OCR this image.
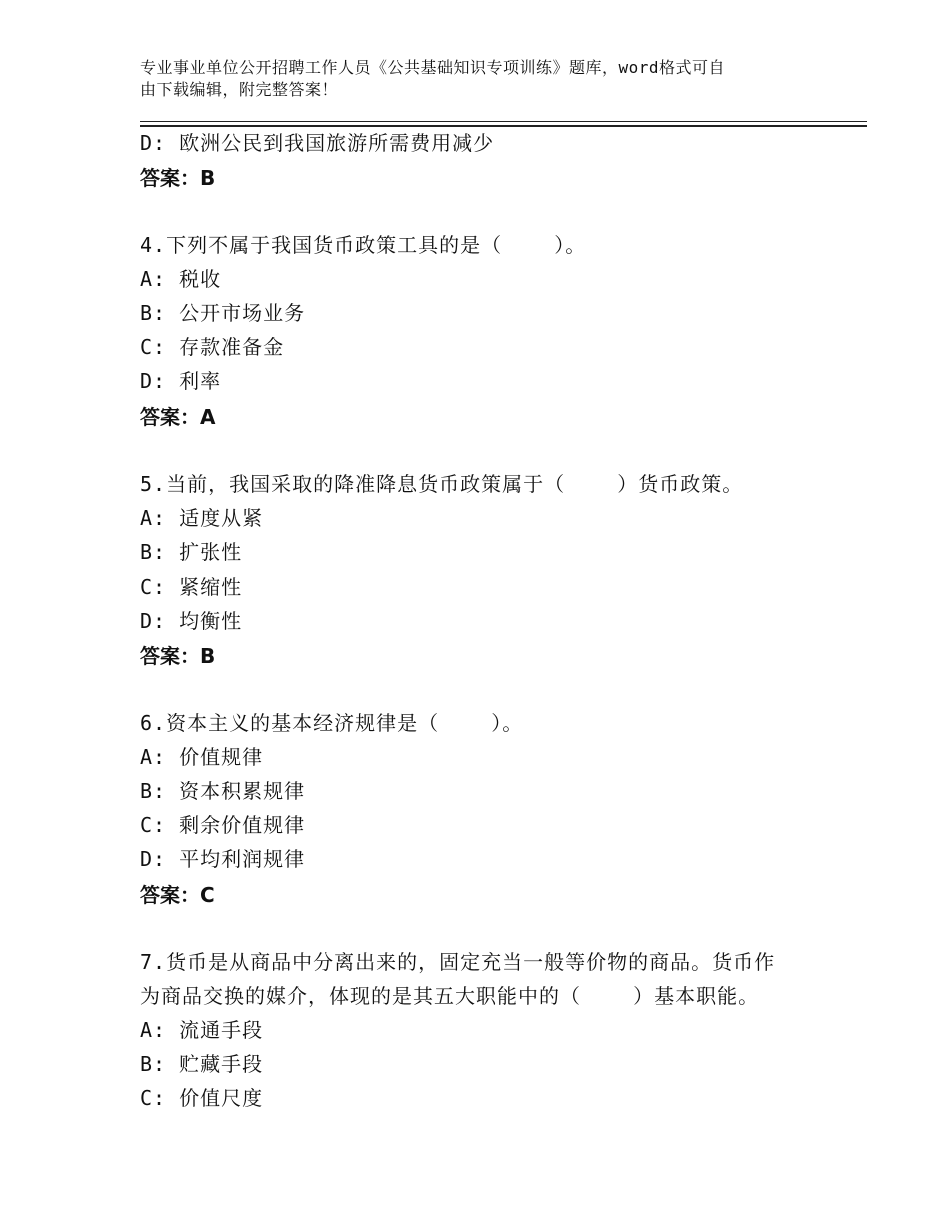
专业事业单位公开招聘工作人员《公共基础知识专项训练》题库，word格式可自
由下载编辑，附完整答案！
D: 欧洲公民到我国旅游所需费用减少
答案：B
4.下列不属于我国货币政策工具的是（    ）。
A: 税收
B: 公开市场业务
C: 存款准备金
D: 利率
答案：A
5.当前，我国采取的降准降息货币政策属于（    ）货币政策。
A: 适度从紧
B: 扩张性
C: 紧缩性
D: 均衡性
答案：B
6.资本主义的基本经济规律是（    ）。
A: 价值规律
B: 资本积累规律
C: 剩余价值规律
D: 平均利润规律
答案：C
7.货币是从商品中分离出来的，固定充当一般等价物的商品。货币作
为商品交换的媒介，体现的是其五大职能中的（    ）基本职能。
A: 流通手段
B: 贮藏手段
C: 价值尺度
